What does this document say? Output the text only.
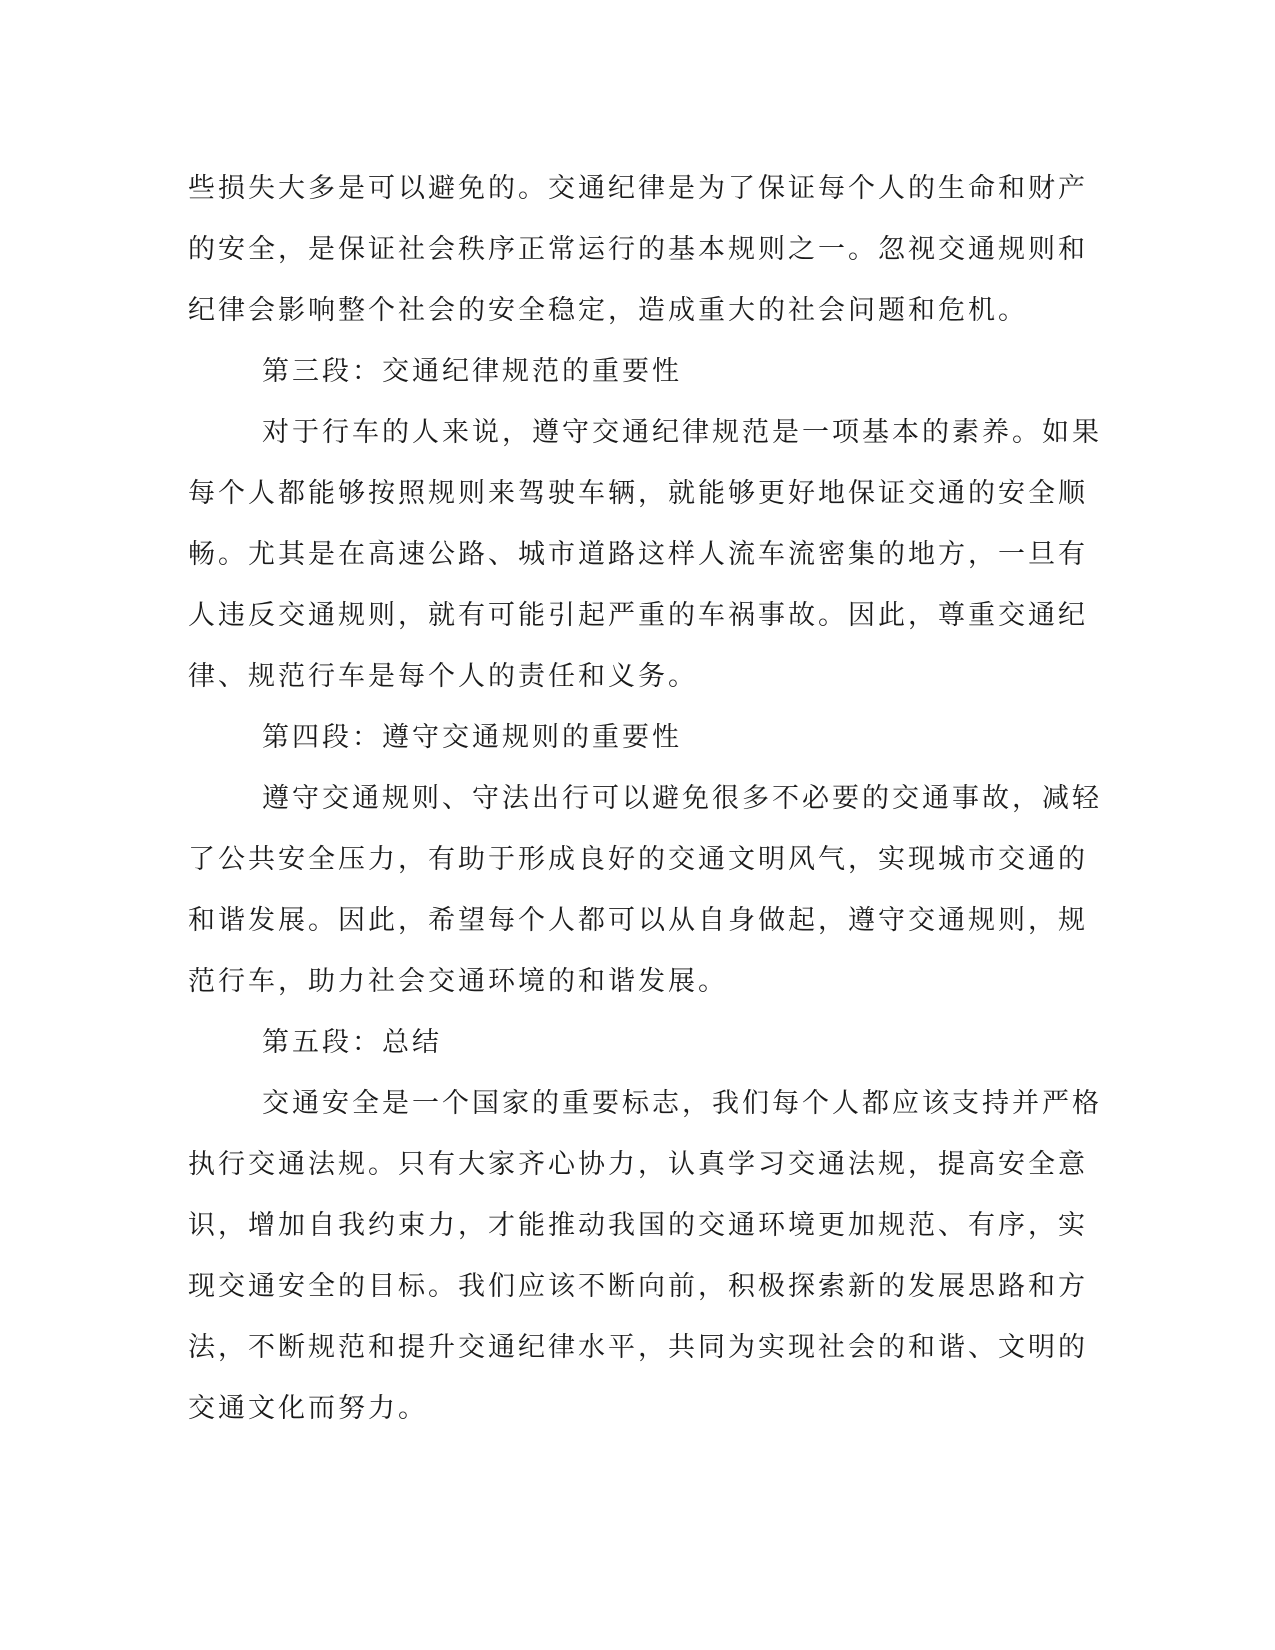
些损失大多是可以避免的。交通纪律是为了保证每个人的生命和财产
的安全，是保证社会秩序正常运行的基本规则之一。忽视交通规则和
纪律会影响整个社会的安全稳定，造成重大的社会问题和危机。
第三段：交通纪律规范的重要性
对于行车的人来说，遵守交通纪律规范是一项基本的素养。如果
每个人都能够按照规则来驾驶车辆，就能够更好地保证交通的安全顺
畅。尤其是在高速公路、城市道路这样人流车流密集的地方，一旦有
人违反交通规则，就有可能引起严重的车祸事故。因此，尊重交通纪
律、规范行车是每个人的责任和义务。
第四段：遵守交通规则的重要性
遵守交通规则、守法出行可以避免很多不必要的交通事故，减轻
了公共安全压力，有助于形成良好的交通文明风气，实现城市交通的
和谐发展。因此，希望每个人都可以从自身做起，遵守交通规则，规
范行车，助力社会交通环境的和谐发展。
第五段：总结
交通安全是一个国家的重要标志，我们每个人都应该支持并严格
执行交通法规。只有大家齐心协力，认真学习交通法规，提高安全意
识，增加自我约束力，才能推动我国的交通环境更加规范、有序，实
现交通安全的目标。我们应该不断向前，积极探索新的发展思路和方
法，不断规范和提升交通纪律水平，共同为实现社会的和谐、文明的
交通文化而努力。
